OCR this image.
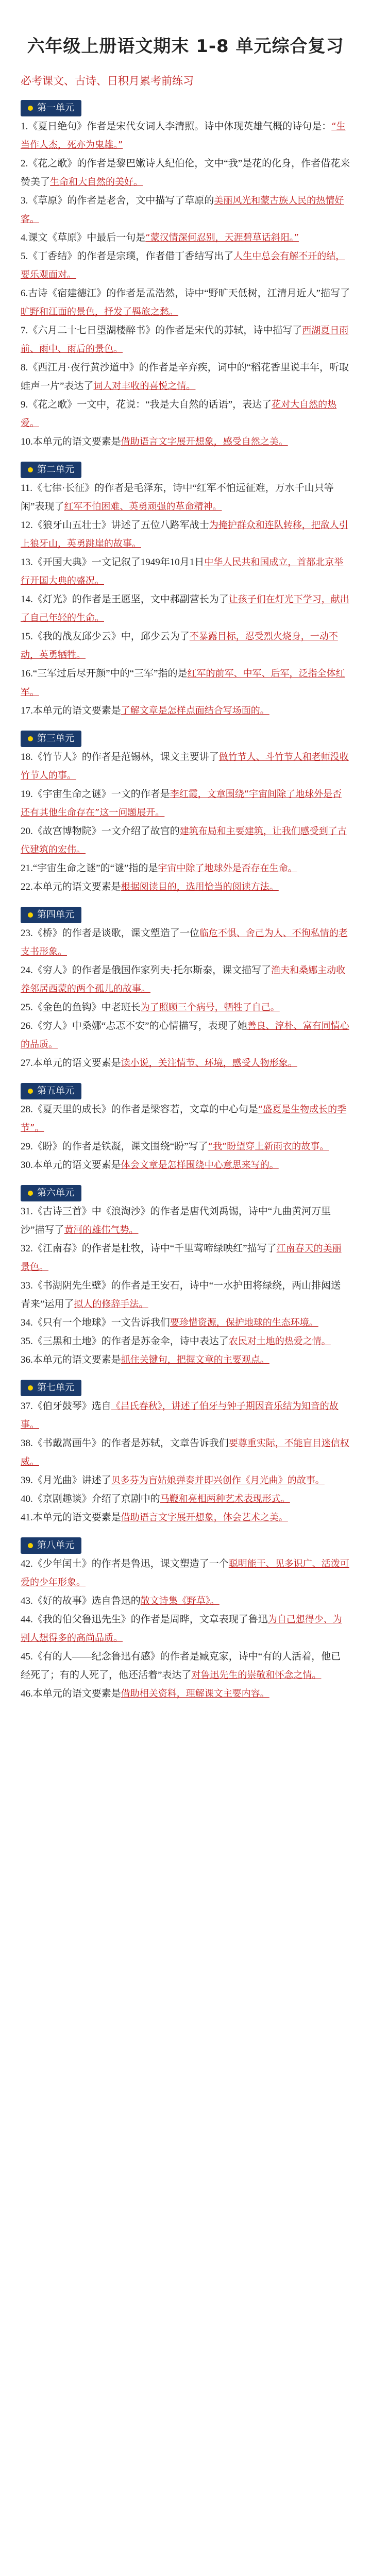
六年级上册语文期末 1-8 单元综合复习

必考课文、古诗、日积月累考前练习

第一单元

1.《夏日绝句》作者是宋代女词人李清照。诗中体现英雄气概的诗句是：“生当作人杰，死亦为鬼雄。”

2.《花之歌》的作者是黎巴嫩诗人纪伯伦，文中“我”是花的化身，作者借花来赞美了生命和大自然的美好。

3.《草原》的作者是老舍，文中描写了草原的美丽风光和蒙古族人民的热情好客。

4.课文《草原》中最后一句是“蒙汉情深何忍别，天涯碧草话斜阳。”

5.《丁香结》的作者是宗璞，作者借丁香结写出了人生中总会有解不开的结，要乐观面对。

6.古诗《宿建德江》的作者是孟浩然，诗中“野旷天低树，江清月近人”描写了旷野和江面的景色，抒发了羁旅之愁。

7.《六月二十七日望湖楼醉书》的作者是宋代的苏轼，诗中描写了西湖夏日雨前、雨中、雨后的景色。

8.《西江月·夜行黄沙道中》的作者是辛弃疾，词中的“稻花香里说丰年，听取蛙声一片”表达了词人对丰收的喜悦之情。

9.《花之歌》一文中，花说：“我是大自然的话语”，表达了花对大自然的热爱。

10.本单元的语文要素是借助语言文字展开想象，感受自然之美。

第二单元

11.《七律·长征》的作者是毛泽东，诗中“红军不怕远征难，万水千山只等闲”表现了红军不怕困难、英勇顽强的革命精神。

12.《狼牙山五壮士》讲述了五位八路军战士为掩护群众和连队转移，把敌人引上狼牙山，英勇跳崖的故事。

13.《开国大典》一文记叙了1949年10月1日中华人民共和国成立，首都北京举行开国大典的盛况。

14.《灯光》的作者是王愿坚，文中郝副营长为了让孩子们在灯光下学习，献出了自己年轻的生命。

15.《我的战友邱少云》中，邱少云为了不暴露目标，忍受烈火烧身，一动不动，英勇牺牲。

16.“三军过后尽开颜”中的“三军”指的是红军的前军、中军、后军，泛指全体红军。

17.本单元的语文要素是了解文章是怎样点面结合写场面的。

第三单元

18.《竹节人》的作者是范锡林，课文主要讲了做竹节人、斗竹节人和老师没收竹节人的事。

19.《宇宙生命之谜》一文的作者是李红霞，文章围绕“宇宙间除了地球外是否还有其他生命存在”这一问题展开。

20.《故宫博物院》一文介绍了故宫的建筑布局和主要建筑，让我们感受到了古代建筑的宏伟。

21.“宇宙生命之谜”的“谜”指的是宇宙中除了地球外是否存在生命。

22.本单元的语文要素是根据阅读目的，选用恰当的阅读方法。

第四单元

23.《桥》的作者是谈歌，课文塑造了一位临危不惧、舍己为人、不徇私情的老支书形象。

24.《穷人》的作者是俄国作家列夫·托尔斯泰，课文描写了渔夫和桑娜主动收养邻居西蒙的两个孤儿的故事。

25.《金色的鱼钩》中老班长为了照顾三个病号，牺牲了自己。

26.《穷人》中桑娜“忐忑不安”的心情描写，表现了她善良、淳朴、富有同情心的品质。

27.本单元的语文要素是读小说，关注情节、环境，感受人物形象。

第五单元

28.《夏天里的成长》的作者是梁容若，文章的中心句是“盛夏是生物成长的季节”。

29.《盼》的作者是铁凝，课文围绕“盼”写了“我”盼望穿上新雨衣的故事。

30.本单元的语文要素是体会文章是怎样围绕中心意思来写的。

第六单元

31.《古诗三首》中《浪淘沙》的作者是唐代刘禹锡，诗中“九曲黄河万里沙”描写了黄河的雄伟气势。

32.《江南春》的作者是杜牧，诗中“千里莺啼绿映红”描写了江南春天的美丽景色。

33.《书湖阴先生壁》的作者是王安石，诗中“一水护田将绿绕，两山排闼送青来”运用了拟人的修辞手法。

34.《只有一个地球》一文告诉我们要珍惜资源，保护地球的生态环境。

35.《三黑和土地》的作者是苏金伞，诗中表达了农民对土地的热爱之情。

36.本单元的语文要素是抓住关键句，把握文章的主要观点。

第七单元

37.《伯牙鼓琴》选自《吕氏春秋》，讲述了伯牙与钟子期因音乐结为知音的故事。

38.《书戴嵩画牛》的作者是苏轼，文章告诉我们要尊重实际，不能盲目迷信权威。

39.《月光曲》讲述了贝多芬为盲姑娘弹奏并即兴创作《月光曲》的故事。

40.《京剧趣谈》介绍了京剧中的马鞭和亮相两种艺术表现形式。

41.本单元的语文要素是借助语言文字展开想象，体会艺术之美。

第八单元

42.《少年闰土》的作者是鲁迅，课文塑造了一个聪明能干、见多识广、活泼可爱的少年形象。

43.《好的故事》选自鲁迅的散文诗集《野草》。

44.《我的伯父鲁迅先生》的作者是周晔，文章表现了鲁迅为自己想得少、为别人想得多的高尚品质。

45.《有的人——纪念鲁迅有感》的作者是臧克家，诗中“有的人活着，他已经死了；有的人死了，他还活着”表达了对鲁迅先生的崇敬和怀念之情。

46.本单元的语文要素是借助相关资料，理解课文主要内容。
